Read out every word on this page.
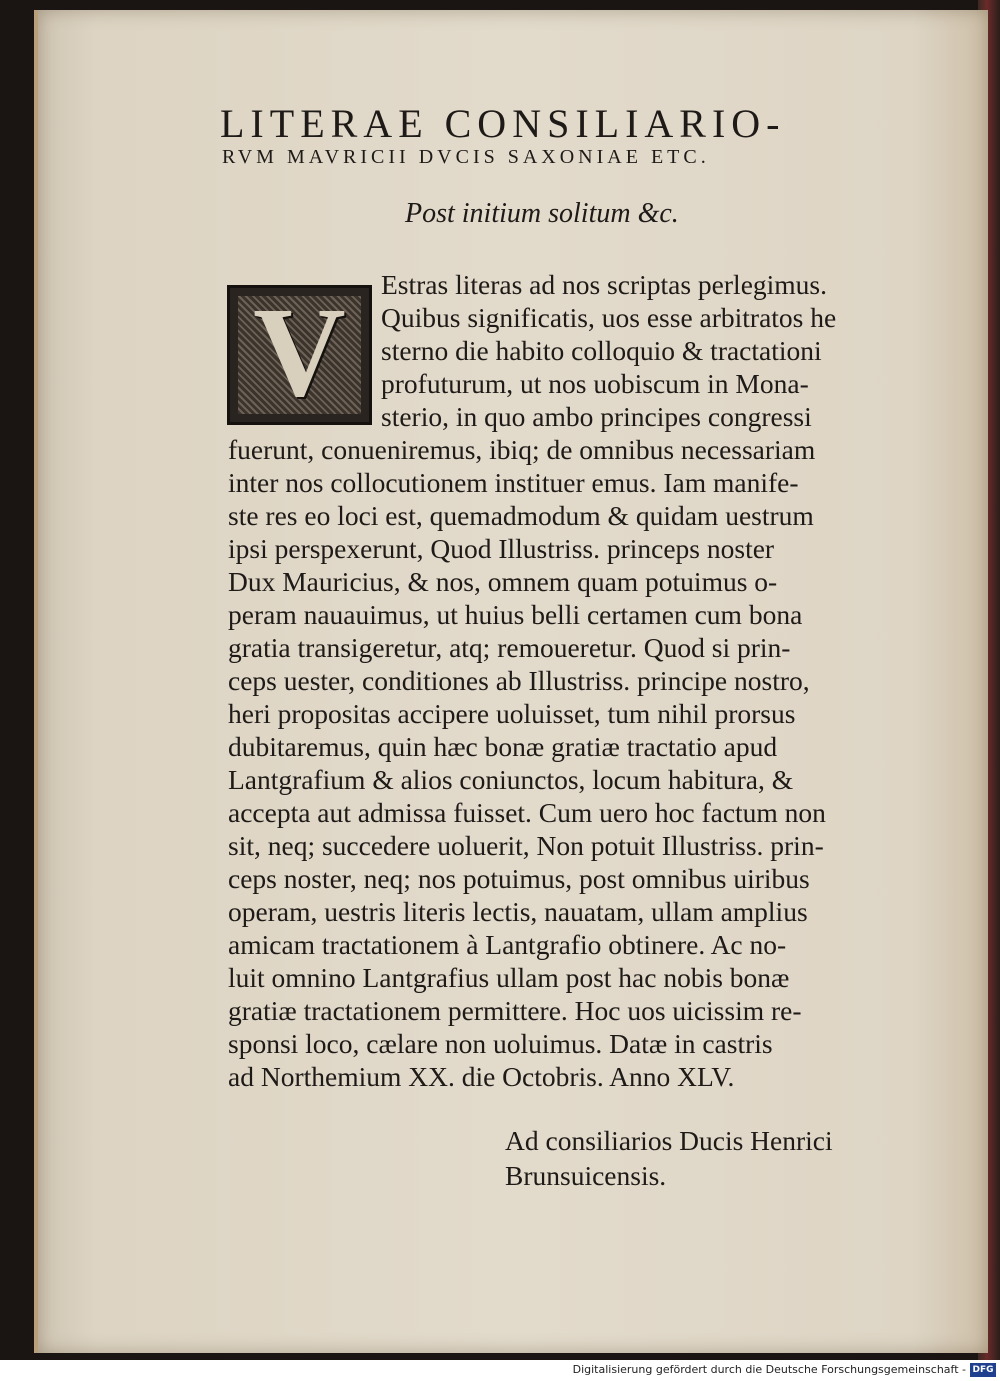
LITERAE CONSILIARIO-
RVM MAVRICII DVCIS SAXONIAE ETC.
Post initium solitum &c.
V	Estras literas ad nos scriptas perlegimus.
Quibus significatis, uos esse arbitratos he
sterno die habito colloquio & tractationi
profuturum, ut nos uobiscum in Mona-
sterio, in quo ambo principes congressi
fuerunt, conueniremus, ibiq; de omnibus necessariam
inter nos collocutionem instituer emus. Iam manife-
ste res eo loci est, quemadmodum & quidam uestrum
ipsi perspexerunt, Quod Illustriss. princeps noster
Dux Mauricius, & nos, omnem quam potuimus o-
peram nauauimus, ut huius belli certamen cum bona
gratia transigeretur, atq; remoueretur. Quod si prin-
ceps uester, conditiones ab Illustriss. principe nostro,
heri propositas accipere uoluisset, tum nihil prorsus
dubitaremus, quin hæc bonæ gratiæ tractatio apud
Lantgrafium & alios coniunctos, locum habitura, &
accepta aut admissa fuisset. Cum uero hoc factum non
sit, neq; succedere uoluerit, Non potuit Illustriss. prin-
ceps noster, neq; nos potuimus, post omnibus uiribus
operam, uestris literis lectis, nauatam, ullam amplius
amicam tractationem à Lantgrafio obtinere. Ac no-
luit omnino Lantgrafius ullam post hac nobis bonæ
gratiæ tractationem permittere. Hoc uos uicissim re-
sponsi loco, cælare non uoluimus. Datæ in castris
ad Northemium XX. die Octobris. Anno XLV.
Ad consiliarios Ducis Henrici
Brunsuicensis.
Digitalisierung gefördert durch die Deutsche Forschungsgemeinschaft - DFG
